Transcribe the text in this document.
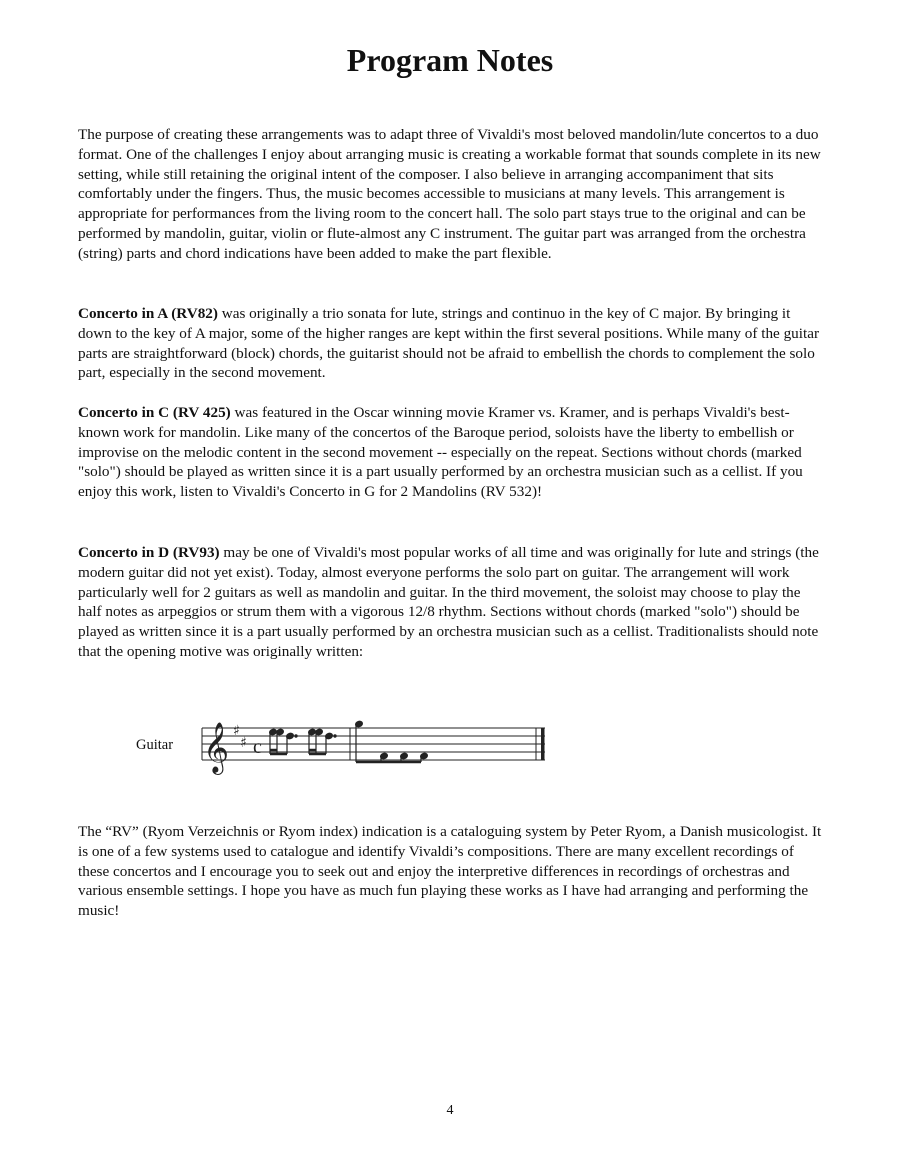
Program Notes
The purpose of creating these arrangements was to adapt three of Vivaldi's most beloved mandolin/lute concertos to a duo format. One of the challenges I enjoy about arranging music is creating a workable format that sounds complete in its new setting, while still retaining the original intent of the composer. I also believe in arranging accompaniment that sits comfortably under the fingers. Thus, the music becomes accessible to musicians at many levels. This arrangement is appropriate for performances from the living room to the concert hall. The solo part stays true to the original and can be performed by mandolin, guitar, violin or flute-almost any C instrument. The guitar part was arranged from the orchestra (string) parts and chord indications have been added to make the part flexible.
Concerto in A (RV82) was originally a trio sonata for lute, strings and continuo in the key of C major. By bringing it down to the key of A major, some of the higher ranges are kept within the first several positions. While many of the guitar parts are straightforward (block) chords, the guitarist should not be afraid to embellish the chords to complement the solo part, especially in the second movement.
Concerto in C (RV 425) was featured in the Oscar winning movie Kramer vs. Kramer, and is perhaps Vivaldi's best-known work for mandolin. Like many of the concertos of the Baroque period, soloists have the liberty to embellish or improvise on the melodic content in the second movement -- especially on the repeat. Sections without chords (marked "solo") should be played as written since it is a part usually performed by an orchestra musician such as a cellist. If you enjoy this work, listen to Vivaldi's Concerto in G for 2 Mandolins (RV 532)!
Concerto in D (RV93) may be one of Vivaldi's most popular works of all time and was originally for lute and strings (the modern guitar did not yet exist). Today, almost everyone performs the solo part on guitar. The arrangement will work particularly well for 2 guitars as well as mandolin and guitar. In the third movement, the soloist may choose to play the half notes as arpeggios or strum them with a vigorous 12/8 rhythm. Sections without chords (marked "solo") should be played as written since it is a part usually performed by an orchestra musician such as a cellist. Traditionalists should note that the opening motive was originally written:
Guitar 𝄞 ♯
♯ c
The “RV” (Ryom Verzeichnis or Ryom index) indication is a cataloguing system by Peter Ryom, a Danish musicologist. It is one of a few systems used to catalogue and identify Vivaldi’s compositions. There are many excellent recordings of these concertos and I encourage you to seek out and enjoy the interpretive differences in recordings of orchestras and various ensemble settings. I hope you have as much fun playing these works as I have had arranging and performing the music!
4
